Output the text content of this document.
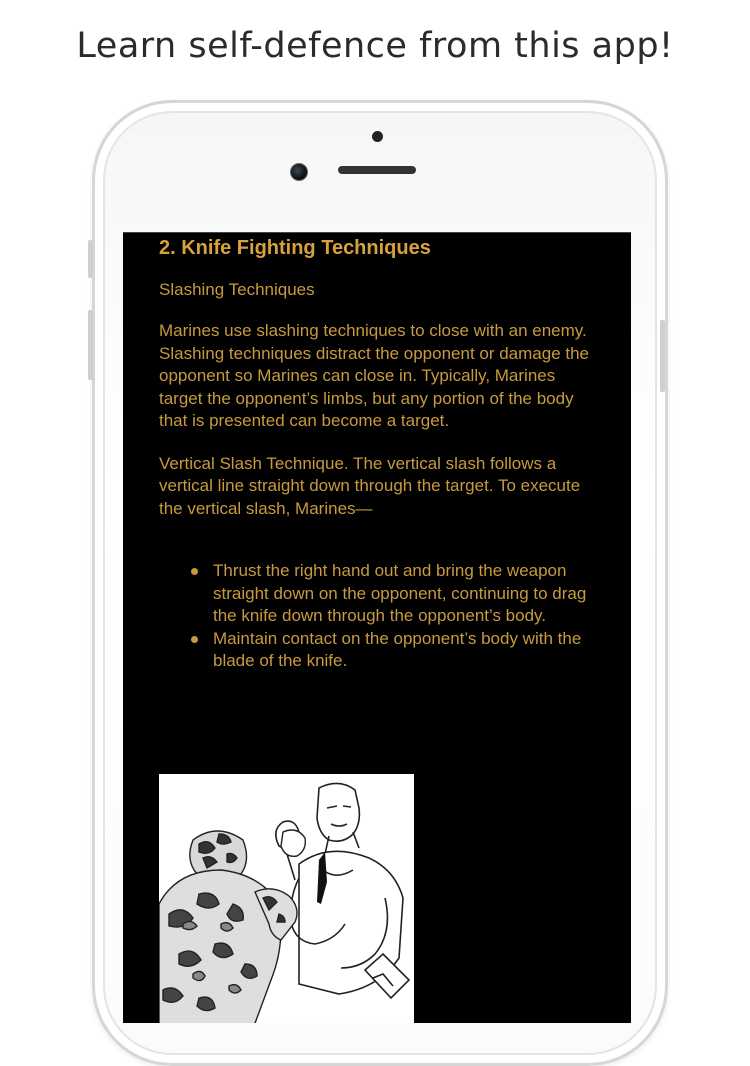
Learn self-defence from this app!
2. Knife Fighting Techniques
Slashing Techniques
Marines use slashing techniques to close with an enemy. Slashing techniques distract the opponent or damage the opponent so Marines can close in. Typically, Marines target the opponent’s limbs, but any portion of the body that is presented can become a target.
Vertical Slash Technique. The vertical slash follows a vertical line straight down through the target. To execute the vertical slash, Marines—
Thrust the right hand out and bring the weapon straight down on the opponent, continuing to drag the knife down through the opponent’s body.
Maintain contact on the opponent’s body with the blade of the knife.
